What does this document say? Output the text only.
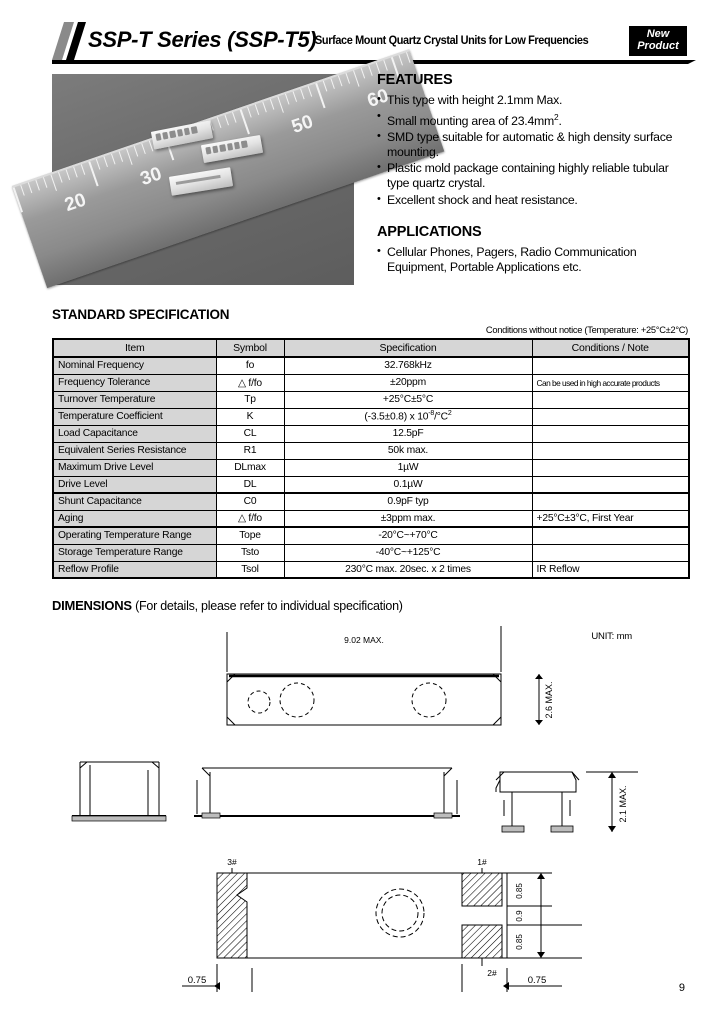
SSP-T Series (SSP-T5)
Surface Mount Quartz Crystal Units for Low Frequencies
New
Product
20
30
50
60
FEATURES
• This type with height 2.1mm Max.
• Small mounting area of $23.4mm^2$.
• SMD type suitable for automatic & high density surface mounting.
• Plastic mold package containing highly reliable tubular type quartz crystal.
• Excellent shock and heat resistance.
APPLICATIONS
• Cellular Phones, Pagers, Radio Communication Equipment, Portable Applications etc.
STANDARD SPECIFICATION
Conditions without notice (Temperature: +25°C±2°C)
Item	Symbol	Specification	Conditions / Note
Nominal Frequency	fo	32.768kHz	
Frequency Tolerance	△ f/fo	±20ppm	Can be used in high accurate products
Turnover Temperature	Tp	+25°C±5°C	
Temperature Coefficient	K	(-3.5±0.8) x $10^{-8}/^\circ C^2$	
Load Capacitance	CL	12.5pF	
Equivalent Series Resistance	R1	50k max.	
Maximum Drive Level	DLmax	1µW	
Drive Level	DL	0.1µW	
Shunt Capacitance	C0	0.9pF typ	
Aging	△ f/fo	±3ppm max.	+25°C±3°C, First Year
Operating Temperature Range	Tope	-20°C~+70°C	
Storage Temperature Range	Tsto	-40°C~+125°C	
Reflow Profile	Tsol	230°C max. 20sec. x 2 times	IR Reflow
DIMENSIONS (For details, please refer to individual specification)
UNIT: mm
9.02 MAX.
2.6 MAX.
2.1 MAX.
3#	1#
2#
0.85
0.9
0.85
0.75	0.75
9
